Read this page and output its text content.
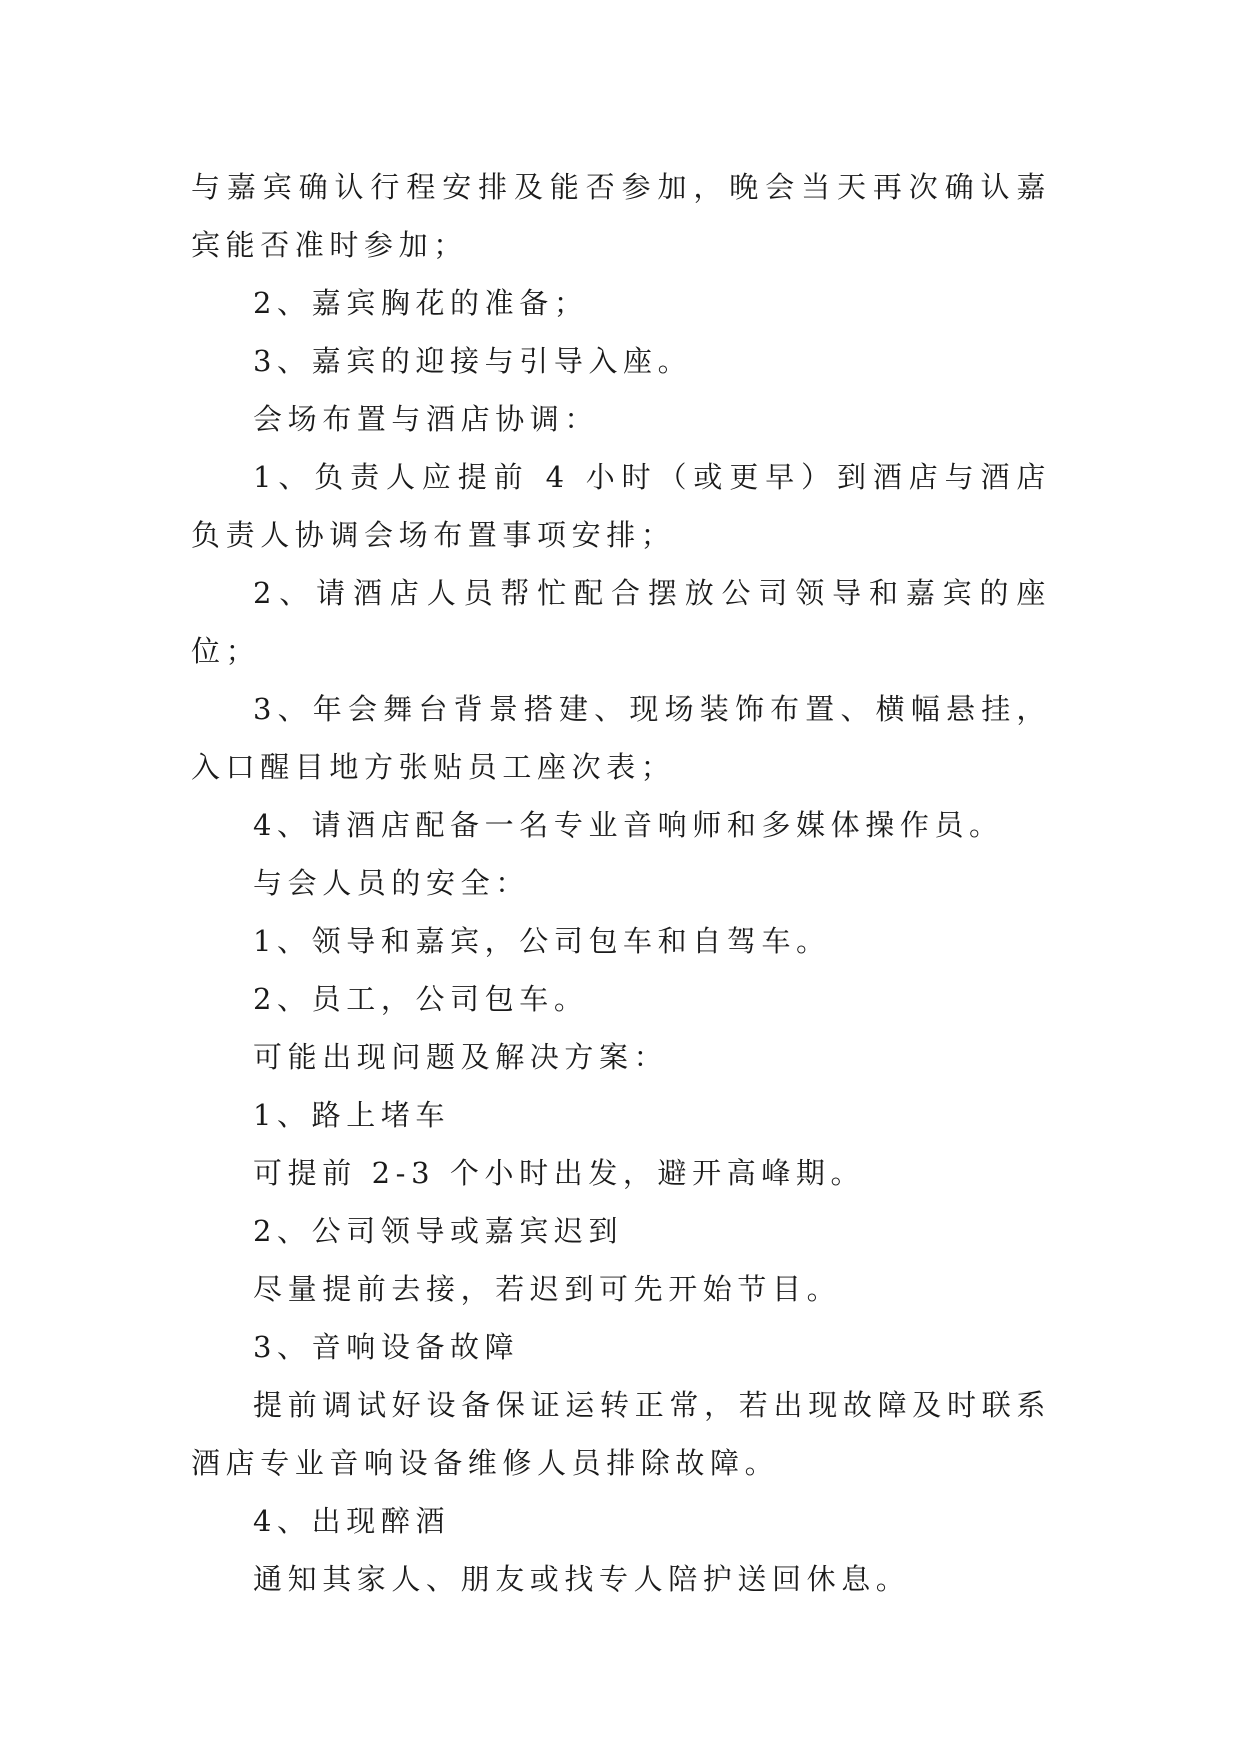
与嘉宾确认行程安排及能否参加，晚会当天再次确认嘉宾能否准时参加；

2、嘉宾胸花的准备；

3、嘉宾的迎接与引导入座。

会场布置与酒店协调：

1、负责人应提前 4 小时（或更早）到酒店与酒店负责人协调会场布置事项安排；

2、请酒店人员帮忙配合摆放公司领导和嘉宾的座位；

3、年会舞台背景搭建、现场装饰布置、横幅悬挂，入口醒目地方张贴员工座次表；

4、请酒店配备一名专业音响师和多媒体操作员。

与会人员的安全：

1、领导和嘉宾，公司包车和自驾车。

2、员工，公司包车。

可能出现问题及解决方案：

1、路上堵车

可提前 2-3 个小时出发，避开高峰期。

2、公司领导或嘉宾迟到

尽量提前去接，若迟到可先开始节目。

3、音响设备故障

提前调试好设备保证运转正常，若出现故障及时联系酒店专业音响设备维修人员排除故障。

4、出现醉酒

通知其家人、朋友或找专人陪护送回休息。
